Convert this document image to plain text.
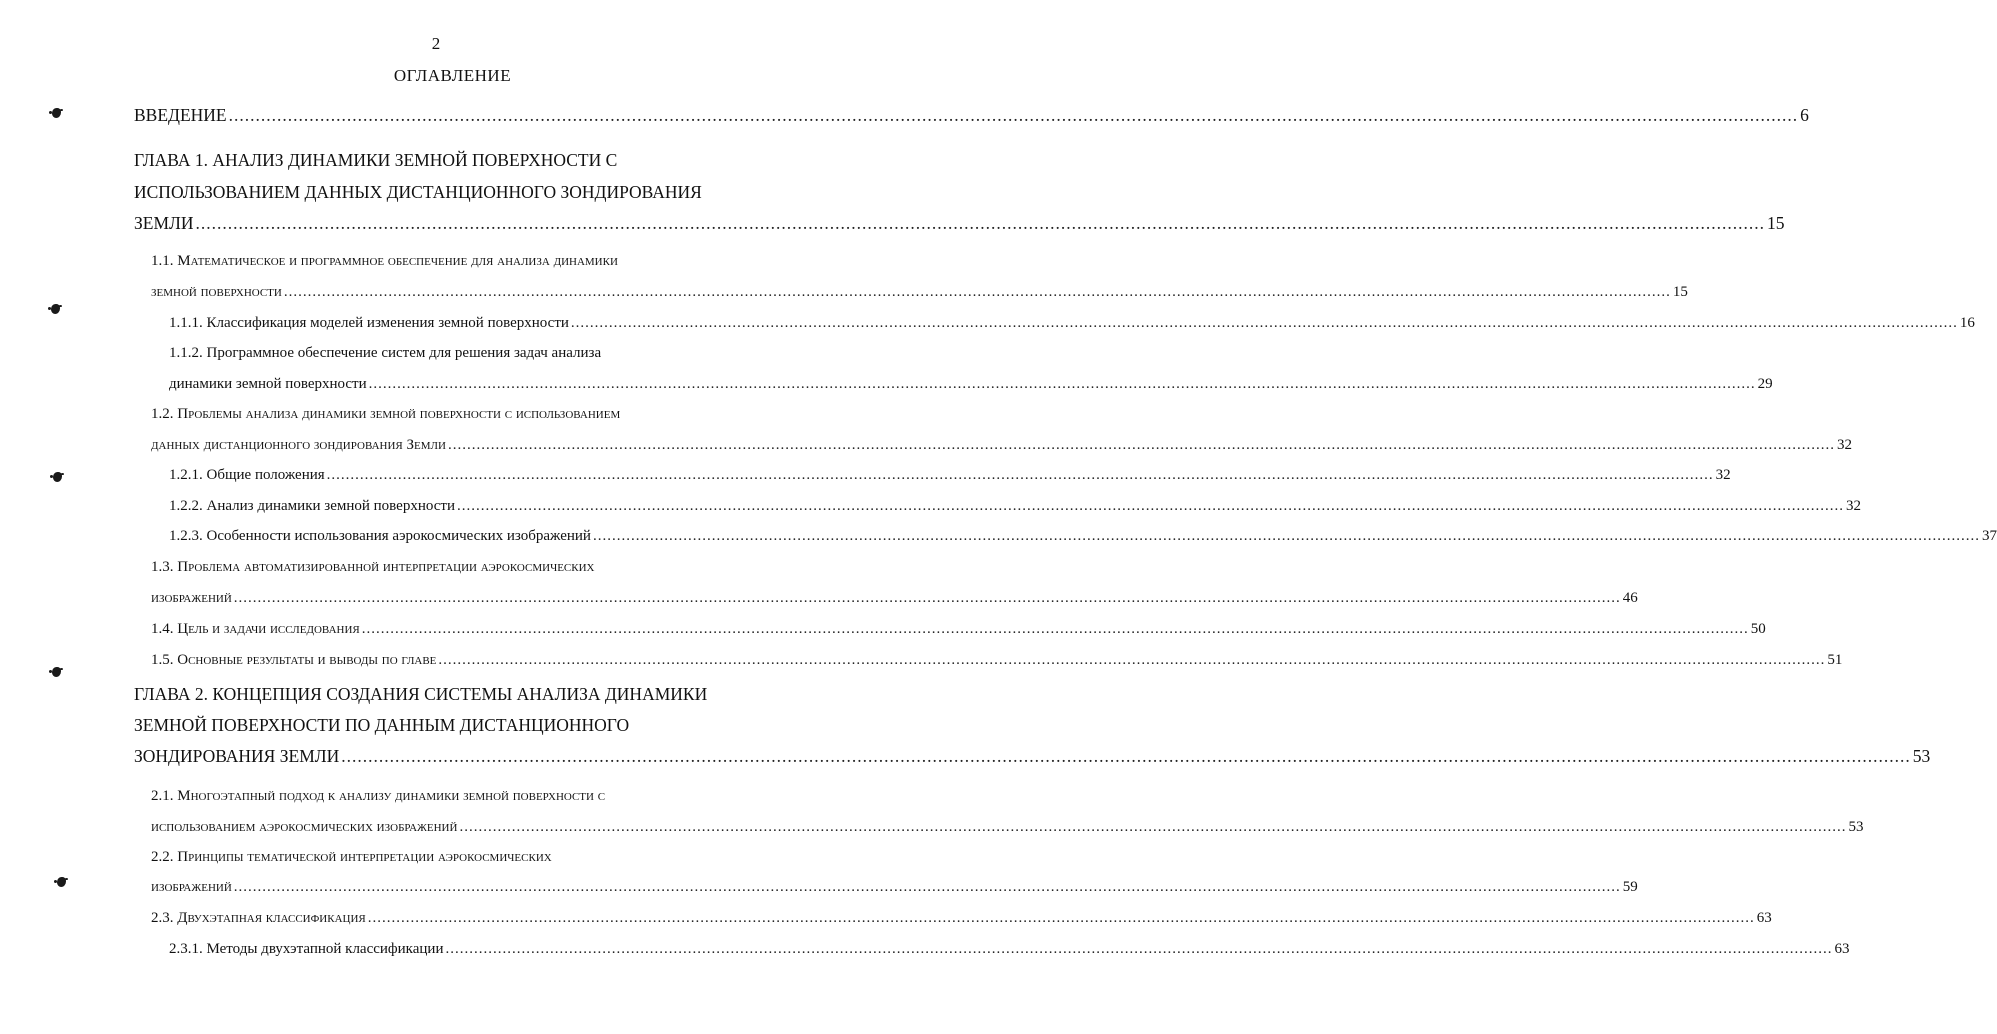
2
ОГЛАВЛЕНИЕ
ВВЕДЕНИЕ .................................................................................................................................................................................................................................................................................................... 6
ГЛАВА 1. АНАЛИЗ ДИНАМИКИ ЗЕМНОЙ ПОВЕРХНОСТИ С
ИСПОЛЬЗОВАНИЕМ ДАННЫХ ДИСТАНЦИОННОГО ЗОНДИРОВАНИЯ
ЗЕМЛИ .................................................................................................................................................................................................................................................................................................... 15
1.1. Математическое и программное обеспечение для анализа динамики
земной поверхности .................................................................................................................................................................................................................................................................................................... 15
1.1.1. Классификация моделей изменения земной поверхности .................................................................................................................................................................................................................................................................................................... 16
1.1.2. Программное обеспечение систем для решения задач анализа
динамики земной поверхности .................................................................................................................................................................................................................................................................................................... 29
1.2. Проблемы анализа динамики земной поверхности с использованием
данных дистанционного зондирования Земли .................................................................................................................................................................................................................................................................................................... 32
1.2.1. Общие положения .................................................................................................................................................................................................................................................................................................... 32
1.2.2. Анализ динамики земной поверхности .................................................................................................................................................................................................................................................................................................... 32
1.2.3. Особенности использования аэрокосмических изображений .................................................................................................................................................................................................................................................................................................... 37
1.3. Проблема автоматизированной интерпретации аэрокосмических
изображений .................................................................................................................................................................................................................................................................................................... 46
1.4. Цель и задачи исследования .................................................................................................................................................................................................................................................................................................... 50
1.5. Основные результаты и выводы по главе .................................................................................................................................................................................................................................................................................................... 51
ГЛАВА 2. КОНЦЕПЦИЯ СОЗДАНИЯ СИСТЕМЫ АНАЛИЗА ДИНАМИКИ
ЗЕМНОЙ ПОВЕРХНОСТИ ПО ДАННЫМ ДИСТАНЦИОННОГО
ЗОНДИРОВАНИЯ ЗЕМЛИ .................................................................................................................................................................................................................................................................................................... 53
2.1. Многоэтапный подход к анализу динамики земной поверхности с
использованием аэрокосмических изображений .................................................................................................................................................................................................................................................................................................... 53
2.2. Принципы тематической интерпретации аэрокосмических
изображений .................................................................................................................................................................................................................................................................................................... 59
2.3. Двухэтапная классификация .................................................................................................................................................................................................................................................................................................... 63
2.3.1. Методы двухэтапной классификации .................................................................................................................................................................................................................................................................................................... 63
